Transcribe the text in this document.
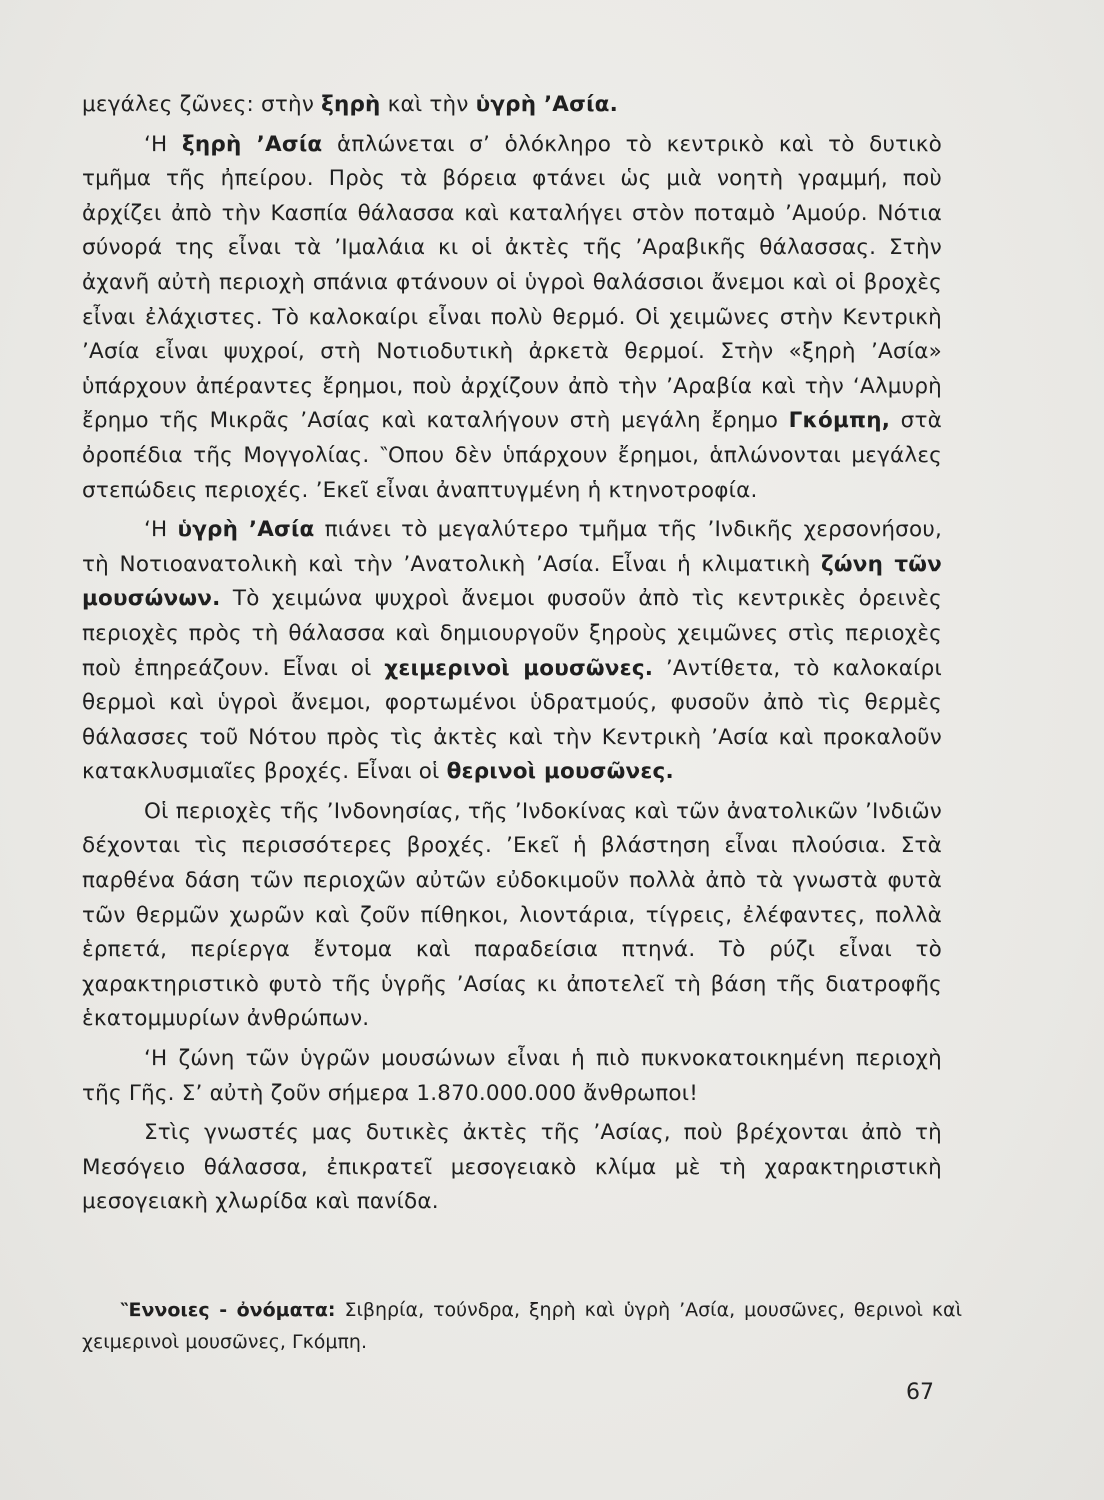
μεγάλες ζῶνες: στὴν ξηρὴ καὶ τὴν ὑγρὴ ’Ασία.

‘Η ξηρὴ ’Ασία ἁπλώνεται σ’ ὁλόκληρο τὸ κεντρικὸ καὶ τὸ δυτικὸ τμῆμα τῆς ἠπείρου. Πρὸς τὰ βόρεια φτάνει ὡς μιὰ νοητὴ γραμμή, ποὺ ἀρχίζει ἀπὸ τὴν Κασπία θάλασσα καὶ καταλήγει στὸν ποταμὸ ’Αμούρ. Νότια σύνορά της εἶναι τὰ ’Ιμαλάια κι οἱ ἀκτὲς τῆς ’Αραβικῆς θάλασσας. Στὴν ἀχανῆ αὐτὴ περιοχὴ σπάνια φτάνουν οἱ ὑγροὶ θαλάσσιοι ἄνεμοι καὶ οἱ βροχὲς εἶναι ἐλάχιστες. Τὸ καλοκαίρι εἶναι πολὺ θερμό. Οἱ χειμῶνες στὴν Κεντρικὴ ’Ασία εἶναι ψυχροί, στὴ Νοτιοδυτικὴ ἀρκετὰ θερμοί. Στὴν «ξηρὴ ’Ασία» ὑπάρχουν ἀπέραντες ἔρημοι, ποὺ ἀρχίζουν ἀπὸ τὴν ’Αραβία καὶ τὴν ‘Αλμυρὴ ἔρημο τῆς Μικρᾶς ’Ασίας καὶ καταλήγουν στὴ μεγάλη ἔρημο Γκόμπη, στὰ ὀροπέδια τῆς Μογγολίας. ‶Οπου δὲν ὑπάρχουν ἔρημοι, ἁπλώνονται μεγάλες στεπώδεις περιοχές. ’Εκεῖ εἶναι ἀναπτυγμένη ἡ κτηνοτροφία.

‘Η ὑγρὴ ’Ασία πιάνει τὸ μεγαλύτερο τμῆμα τῆς ’Ινδικῆς χερσονήσου, τὴ Νοτιοανατολικὴ καὶ τὴν ’Ανατολικὴ ’Ασία. Εἶναι ἡ κλιματικὴ ζώνη τῶν μουσώνων. Τὸ χειμώνα ψυχροὶ ἄνεμοι φυσοῦν ἀπὸ τὶς κεντρικὲς ὀρεινὲς περιοχὲς πρὸς τὴ θάλασσα καὶ δημιουργοῦν ξηροὺς χειμῶνες στὶς περιοχὲς ποὺ ἐπηρεάζουν. Εἶναι οἱ χειμερινοὶ μουσῶνες. ’Αντίθετα, τὸ καλοκαίρι θερμοὶ καὶ ὑγροὶ ἄνεμοι, φορτωμένοι ὑδρατμούς, φυσοῦν ἀπὸ τὶς θερμὲς θάλασσες τοῦ Νότου πρὸς τὶς ἀκτὲς καὶ τὴν Κεντρικὴ ’Ασία καὶ προκαλοῦν κατακλυσμιαῖες βροχές. Εἶναι οἱ θερινοὶ μουσῶνες.

Οἱ περιοχὲς τῆς ’Ινδονησίας, τῆς ’Ινδοκίνας καὶ τῶν ἀνατολικῶν ’Ινδιῶν δέχονται τὶς περισσότερες βροχές. ’Εκεῖ ἡ βλάστηση εἶναι πλούσια. Στὰ παρθένα δάση τῶν περιοχῶν αὐτῶν εὐδοκιμοῦν πολλὰ ἀπὸ τὰ γνωστὰ φυτὰ τῶν θερμῶν χωρῶν καὶ ζοῦν πίθηκοι, λιοντάρια, τίγρεις, ἐλέφαντες, πολλὰ ἑρπετά, περίεργα ἔντομα καὶ παραδείσια πτηνά. Τὸ ρύζι εἶναι τὸ χαρακτηριστικὸ φυτὸ τῆς ὑγρῆς ’Ασίας κι ἀποτελεῖ τὴ βάση τῆς διατροφῆς ἑκατομμυρίων ἀνθρώπων.

‘Η ζώνη τῶν ὑγρῶν μουσώνων εἶναι ἡ πιὸ πυκνοκατοικημένη περιοχὴ τῆς Γῆς. Σ’ αὐτὴ ζοῦν σήμερα 1.870.000.000 ἄνθρωποι!

Στὶς γνωστές μας δυτικὲς ἀκτὲς τῆς ’Ασίας, ποὺ βρέχονται ἀπὸ τὴ Μεσόγειο θάλασσα, ἐπικρατεῖ μεσογειακὸ κλίμα μὲ τὴ χαρακτηριστικὴ μεσογειακὴ χλωρίδα καὶ πανίδα.

‶Εννοιες - ὀνόματα: Σιβηρία, τούνδρα, ξηρὴ καὶ ὑγρὴ ’Ασία, μουσῶνες, θερινοὶ καὶ χειμερινοὶ μουσῶνες, Γκόμπη.
67
